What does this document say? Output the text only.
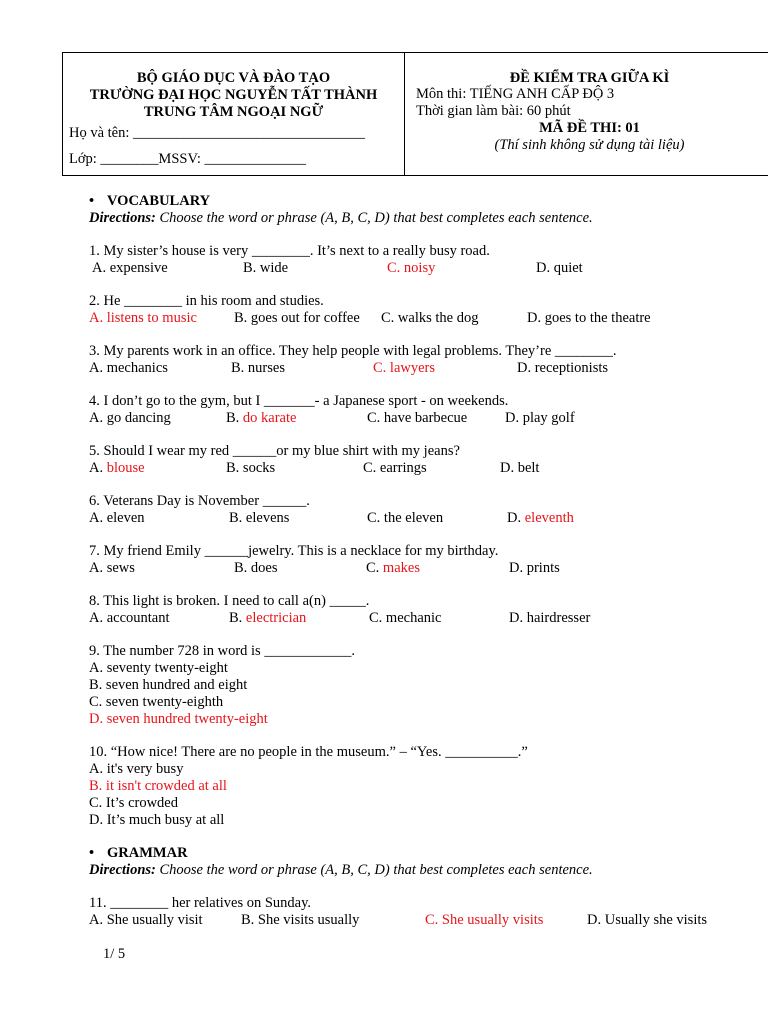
BỘ GIÁO DỤC VÀ ĐÀO TẠO
TRƯỜNG ĐẠI HỌC NGUYỄN TẤT THÀNH
TRUNG TÂM NGOẠI NGỮ
Họ và tên: ________________________________
Lớp: ________MSSV: ______________
ĐỀ KIỂM TRA GIỮA KÌ
Môn thi: TIẾNG ANH CẤP ĐỘ 3
Thời gian làm bài: 60 phút
MÃ ĐỀ THI: 01
(Thí sinh không sử dụng tài liệu)
• VOCABULARY
Directions: Choose the word or phrase (A, B, C, D) that best completes each sentence.
1. My sister’s house is very ________. It’s next to a really busy road.
A. expensive	B. wide	C. noisy	D. quiet
2. He ________ in his room and studies.
A. listens to music	B. goes out for coffee C. walks the dog	D. goes to the theatre
3. My parents work in an office. They help people with legal problems. They’re ________.
A. mechanics	B. nurses	C. lawyers	D. receptionists
4. I don’t go to the gym, but I _______- a Japanese sport - on weekends.
A. go dancing	B. do karate	C. have barbecue	D. play golf
5. Should I wear my red ______or my blue shirt with my jeans?
A. blouse	B. socks	C. earrings	D. belt
6. Veterans Day is November ______.
A. eleven	B. elevens	C. the eleven	D. eleventh
7. My friend Emily ______jewelry. This is a necklace for my birthday.
A. sews	B. does	C. makes	D. prints
8. This light is broken. I need to call a(n) _____.
A. accountant	B. electrician	C. mechanic	D. hairdresser
9. The number 728 in word is ____________.
A. seventy twenty-eight
B. seven hundred and eight
C. seven twenty-eighth
D. seven hundred twenty-eight
10. “How nice! There are no people in the museum.” – “Yes. __________.”
A. it's very busy
B. it isn't crowded at all
C. It’s crowded
D. It’s much busy at all
• GRAMMAR
Directions: Choose the word or phrase (A, B, C, D) that best completes each sentence.
11. ________ her relatives on Sunday.
A. She usually visit	B. She visits usually	C. She usually visits	D. Usually she visits
1/ 5
